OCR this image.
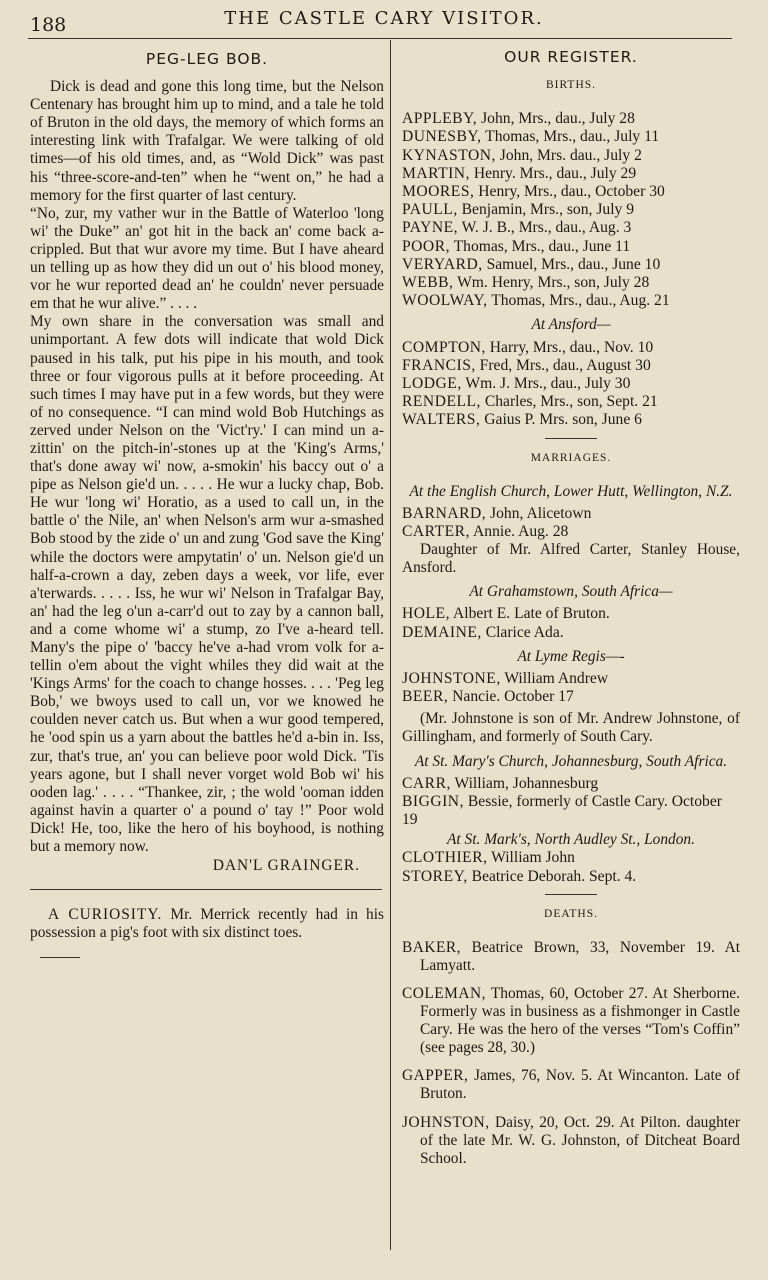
188	THE CASTLE CARY VISITOR.
PEG-LEG BOB.

Dick is dead and gone this long time, but the Nelson Centenary has brought him up to mind, and a tale he told of Bruton in the old days, the memory of which forms an interesting link with Trafalgar. We were talking of old times—of his old times, and, as “Wold Dick” was past his “three-score-and-ten” when he “went on,” he had a memory for the first quarter of last century.

“No, zur, my vather wur in the Battle of Waterloo 'long wi' the Duke” an' got hit in the back an' come back a-crippled. But that wur avore my time. But I have aheard un telling up as how they did un out o' his blood money, vor he wur reported dead an' he couldn' never persuade em that he wur alive.” . . . .

My own share in the conversation was small and unimportant. A few dots will indicate that wold Dick paused in his talk, put his pipe in his mouth, and took three or four vigorous pulls at it before proceeding. At such times I may have put in a few words, but they were of no consequence. “I can mind wold Bob Hutchings as zerved under Nelson on the 'Vict'ry.' I can mind un a-zittin' on the pitch-in'-stones up at the 'King's Arms,' that's done away wi' now, a-smokin' his baccy out o' a pipe as Nelson gie'd un. . . . . He wur a lucky chap, Bob. He wur 'long wi' Horatio, as a used to call un, in the battle o' the Nile, an' when Nelson's arm wur a-smashed Bob stood by the zide o' un and zung 'God save the King' while the doctors were ampytatin' o' un. Nelson gie'd un half-a-crown a day, zeben days a week, vor life, ever a'terwards. . . . . Iss, he wur wi' Nelson in Trafalgar Bay, an' had the leg o'un a-carr'd out to zay by a cannon ball, and a come whome wi' a stump, zo I've a-heard tell. Many's the pipe o' 'baccy he've a-had vrom volk for a-tellin o'em about the vight whiles they did wait at the 'Kings Arms' for the coach to change hosses. . . . 'Peg leg Bob,' we bwoys used to call un, vor we knowed he coulden never catch us. But when a wur good tempered, he 'ood spin us a yarn about the battles he'd a-bin in. Iss, zur, that's true, an' you can believe poor wold Dick. 'Tis years agone, but I shall never vorget wold Bob wi' his ooden lag.' . . . . “Thankee, zir, ; the wold 'ooman idden against havin a quarter o' a pound o' tay !” Poor wold Dick! He, too, like the hero of his boyhood, is nothing but a memory now.

DAN'L GRAINGER.

A CURIOSITY. Mr. Merrick recently had in his possession a pig's foot with six distinct toes.

OUR REGISTER.
BIRTHS.

APPLEBY, John, Mrs., dau., July 28

DUNESBY, Thomas, Mrs., dau., July 11

KYNASTON, John, Mrs. dau., July 2

MARTIN, Henry. Mrs., dau., July 29

MOORES, Henry, Mrs., dau., October 30

PAULL, Benjamin, Mrs., son, July 9

PAYNE, W. J. B., Mrs., dau., Aug. 3

POOR, Thomas, Mrs., dau., June 11

VERYARD, Samuel, Mrs., dau., June 10

WEBB, Wm. Henry, Mrs., son, July 28

WOOLWAY, Thomas, Mrs., dau., Aug. 21

At Ansford—

COMPTON, Harry, Mrs., dau., Nov. 10

FRANCIS, Fred, Mrs., dau., August 30

LODGE, Wm. J. Mrs., dau., July 30

RENDELL, Charles, Mrs., son, Sept. 21

WALTERS, Gaius P. Mrs. son, June 6

MARRIAGES.
At the English Church, Lower Hutt, Wellington, N.Z.

BARNARD, John, Alicetown

CARTER, Annie. Aug. 28

Daughter of Mr. Alfred Carter, Stanley House, Ansford.

At Grahamstown, South Africa—

HOLE, Albert E. Late of Bruton.

DEMAINE, Clarice Ada.

At Lyme Regis—-

JOHNSTONE, William Andrew

BEER, Nancie. October 17

(Mr. Johnstone is son of Mr. Andrew Johnstone, of Gillingham, and formerly of South Cary.

At St. Mary's Church, Johannesburg, South Africa.

CARR, William, Johannesburg

BIGGIN, Bessie, formerly of Castle Cary. October 19

At St. Mark's, North Audley St., London.

CLOTHIER, William John

STOREY, Beatrice Deborah. Sept. 4.

DEATHS.

BAKER, Beatrice Brown, 33, November 19. At Lamyatt.

COLEMAN, Thomas, 60, October 27. At Sherborne. Formerly was in business as a fishmonger in Castle Cary. He was the hero of the verses “Tom's Coffin” (see pages 28, 30.)

GAPPER, James, 76, Nov. 5. At Wincanton. Late of Bruton.

JOHNSTON, Daisy, 20, Oct. 29. At Pilton. daughter of the late Mr. W. G. Johnston, of Ditcheat Board School.
